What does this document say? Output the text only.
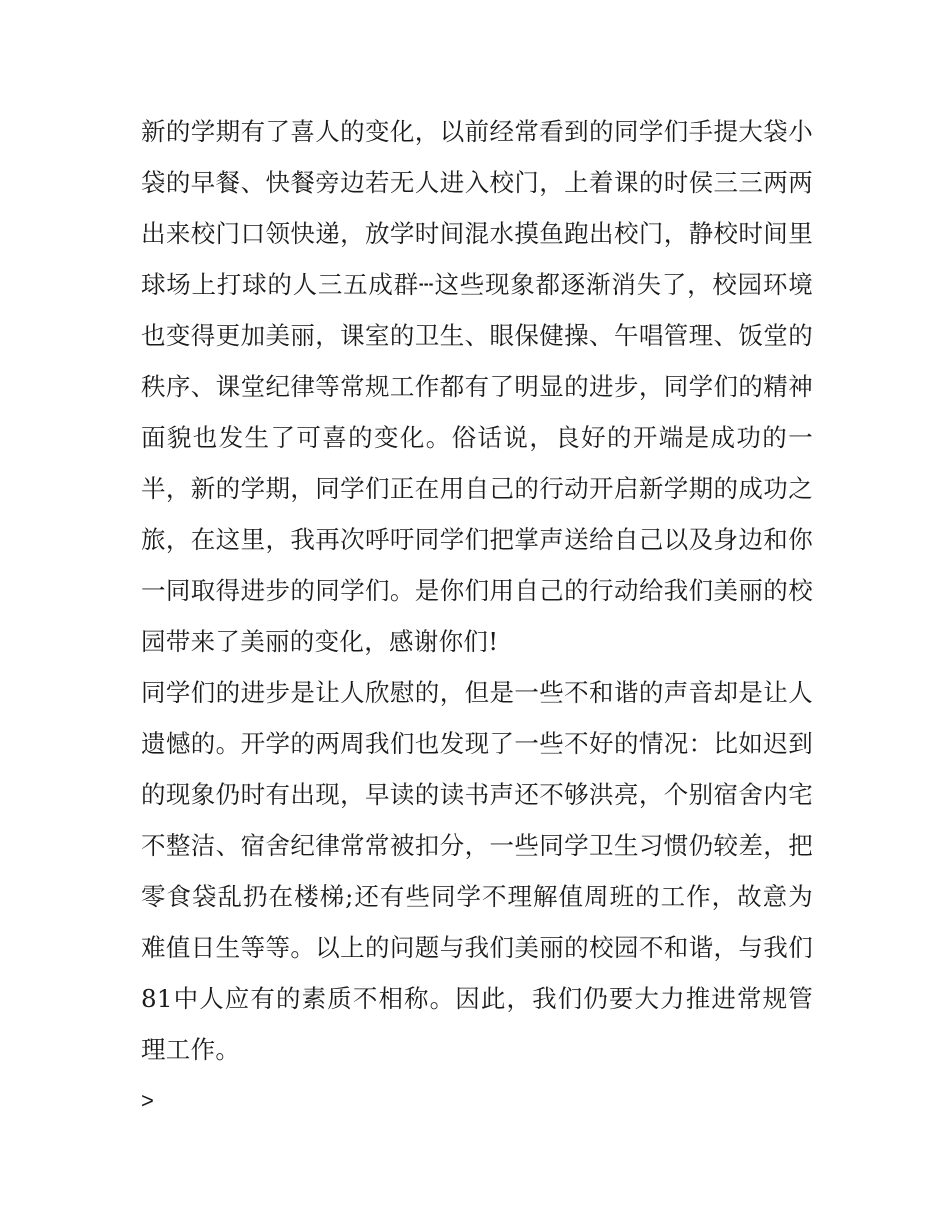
新的学期有了喜人的变化，以前经常看到的同学们手提大袋小袋的早餐、快餐旁边若无人进入校门，上着课的时侯三三两两出来校门口领快递，放学时间混水摸鱼跑出校门，静校时间里球场上打球的人三五成群┄这些现象都逐渐消失了，校园环境也变得更加美丽，课室的卫生、眼保健操、午唱管理、饭堂的秩序、课堂纪律等常规工作都有了明显的进步，同学们的精神面貌也发生了可喜的变化。俗话说，良好的开端是成功的一半，新的学期，同学们正在用自己的行动开启新学期的成功之旅，在这里，我再次呼吁同学们把掌声送给自己以及身边和你一同取得进步的同学们。是你们用自己的行动给我们美丽的校园带来了美丽的变化，感谢你们!

同学们的进步是让人欣慰的，但是一些不和谐的声音却是让人遗憾的。开学的两周我们也发现了一些不好的情况：比如迟到的现象仍时有出现，早读的读书声还不够洪亮，个别宿舍内宅不整洁、宿舍纪律常常被扣分，一些同学卫生习惯仍较差，把零食袋乱扔在楼梯;还有些同学不理解值周班的工作，故意为难值日生等等。以上的问题与我们美丽的校园不和谐，与我们81中人应有的素质不相称。因此，我们仍要大力推进常规管理工作。

>
